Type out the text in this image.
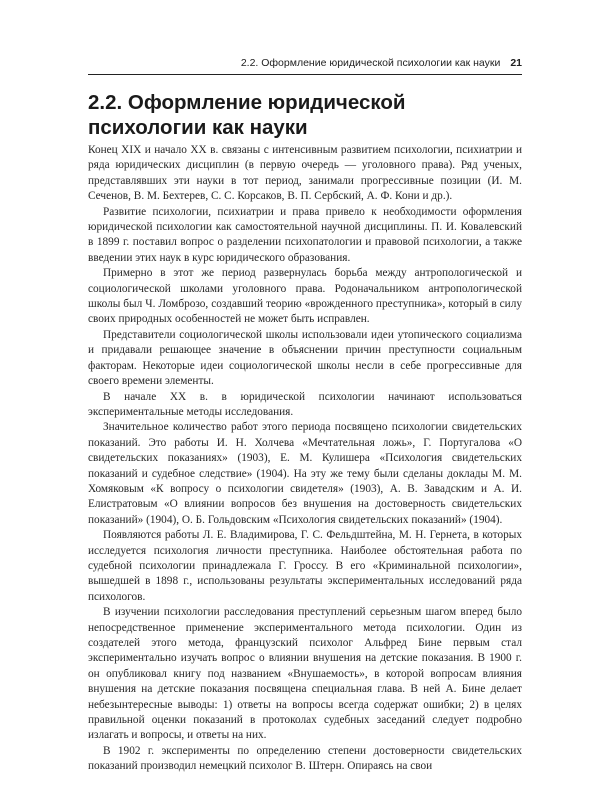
2.2. Оформление юридической психологии как науки 21
2.2. Оформление юридической психологии как науки

Конец XIX и начало XX в. связаны с интенсивным развитием психологии, психиатрии и ряда юридических дисциплин (в первую очередь — уголовного права). Ряд ученых, представлявших эти науки в тот период, занимали прогрессивные позиции (И. М. Сеченов, В. М. Бехтерев, С. С. Корсаков, В. П. Сербский, А. Ф. Кони и др.).

Развитие психологии, психиатрии и права привело к необходимости оформления юридической психологии как самостоятельной научной дисциплины. П. И. Ковалевский в 1899 г. поставил вопрос о разделении психопатологии и правовой психологии, а также введении этих наук в курс юридического образования.

Примерно в этот же период развернулась борьба между антропологической и социологической школами уголовного права. Родоначальником антропологической школы был Ч. Ломброзо, создавший теорию «врожденного преступника», который в силу своих природных особенностей не может быть исправлен.

Представители социологической школы использовали идеи утопического социализма и придавали решающее значение в объяснении причин преступности социальным факторам. Некоторые идеи социологической школы несли в себе прогрессивные для своего времени элементы.

В начале XX в. в юридической психологии начинают использоваться экспериментальные методы исследования.

Значительное количество работ этого периода посвящено психологии свидетельских показаний. Это работы И. Н. Холчева «Мечтательная ложь», Г. Португалова «О свидетельских показаниях» (1903), Е. М. Кулишера «Психология свидетельских показаний и судебное следствие» (1904). На эту же тему были сделаны доклады М. М. Хомяковым «К вопросу о психологии свидетеля» (1903), А. В. Завадским и А. И. Елистратовым «О влиянии вопросов без внушения на достоверность свидетельских показаний» (1904), О. Б. Гольдовским «Психология свидетельских показаний» (1904).

Появляются работы Л. Е. Владимирова, Г. С. Фельдштейна, М. Н. Гернета, в которых исследуется психология личности преступника. Наиболее обстоятельная работа по судебной психологии принадлежала Г. Гроссу. В его «Криминальной психологии», вышедшей в 1898 г., использованы результаты экспериментальных исследований ряда психологов.

В изучении психологии расследования преступлений серьезным шагом вперед было непосредственное применение экспериментального метода психологии. Один из создателей этого метода, французский психолог Альфред Бине первым стал экспериментально изучать вопрос о влиянии внушения на детские показания. В 1900 г. он опубликовал книгу под названием «Внушаемость», в которой вопросам влияния внушения на детские показания посвящена специальная глава. В ней А. Бине делает небезынтересные выводы: 1) ответы на вопросы всегда содержат ошибки; 2) в целях правильной оценки показаний в протоколах судебных заседаний следует подробно излагать и вопросы, и ответы на них.

В 1902 г. эксперименты по определению степени достоверности свидетельских показаний производил немецкий психолог В. Штерн. Опираясь на свои
